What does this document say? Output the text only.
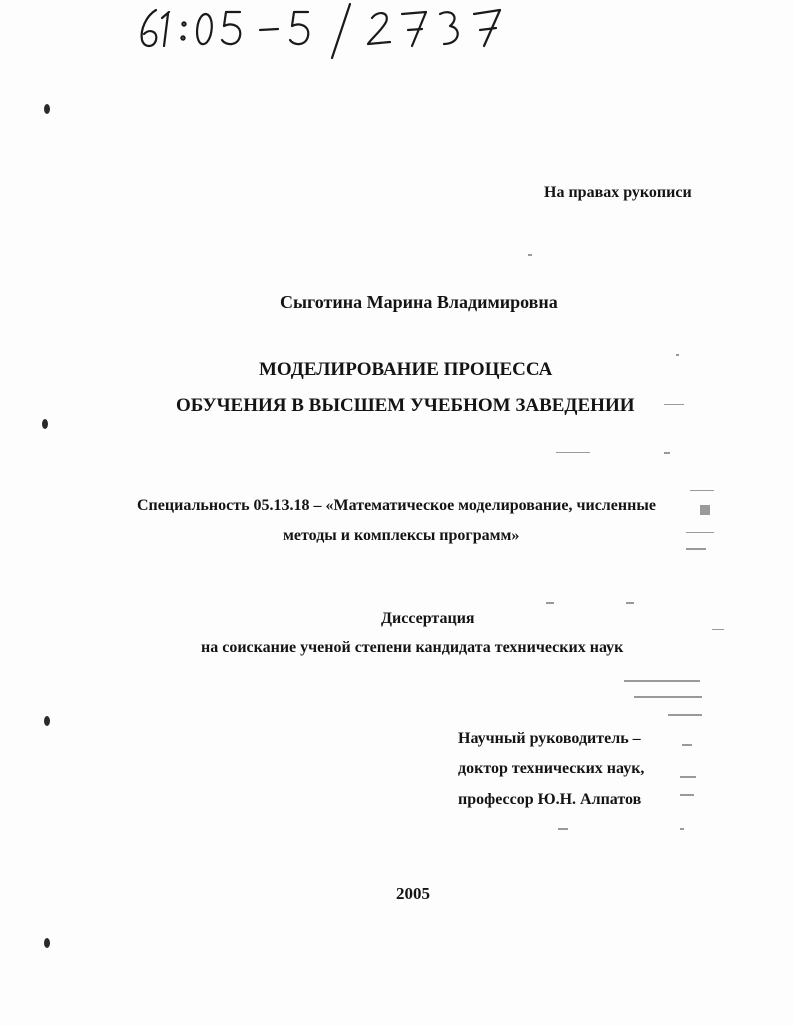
На правах рукописи
Сыготина Марина Владимировна
МОДЕЛИРОВАНИЕ ПРОЦЕССА
ОБУЧЕНИЯ В ВЫСШЕМ УЧЕБНОМ ЗАВЕДЕНИИ
Специальность 05.13.18 – «Математическое моделирование, численные
методы и комплексы программ»
Диссертация
на соискание ученой степени кандидата технических наук
Научный руководитель –
доктор технических наук,
профессор Ю.Н. Алпатов
2005
